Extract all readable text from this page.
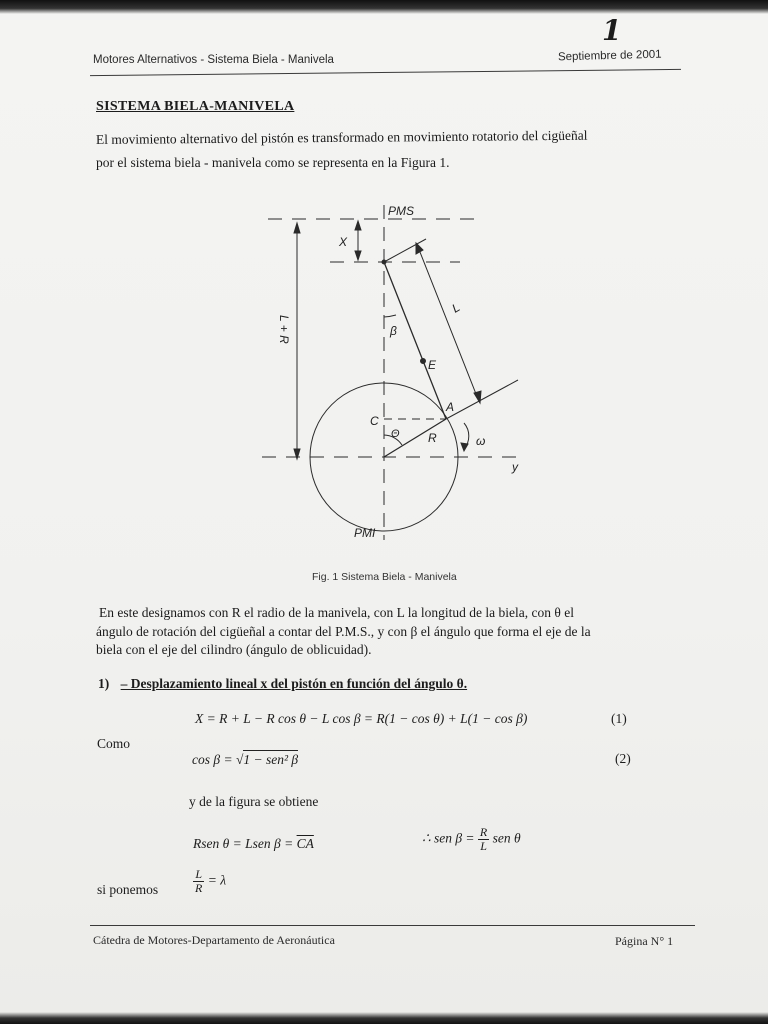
Motores Alternativos - Sistema Biela - Manivela	Septiembre de 2001
1
SISTEMA BIELA-MANIVELA
El movimiento alternativo del pistón es transformado en movimiento rotatorio del cigüeñal
por el sistema biela - manivela como se representa en la Figura 1.
PMS
X
L + R	β
E
L
A
C
R
Θ	ω
y
PMI
Fig. 1 Sistema Biela - Manivela
En este designamos con R el radio de la manivela, con L la longitud de la biela, con θ el
ángulo de rotación del cigüeñal a contar del P.M.S., y con β el ángulo que forma el eje de la
biela con el eje del cilindro (ángulo de oblicuidad).
1) – Desplazamiento lineal x del pistón en función del ángulo θ.
X = R + L − R cos θ − L cos β = R(1 − cos θ) + L(1 − cos β)	(1)
Como
cos β = √1 − sen² β	(2)
y de la figura se obtiene
Rsen θ = Lsen $\beta = \overline{CA}$	∴ sen $\beta = \frac{R}{L}$ sen θ
si ponemos	$\frac{L}{R} = \lambda$
Cátedra de Motores-Departamento de Aeronáutica	Página N° 1
